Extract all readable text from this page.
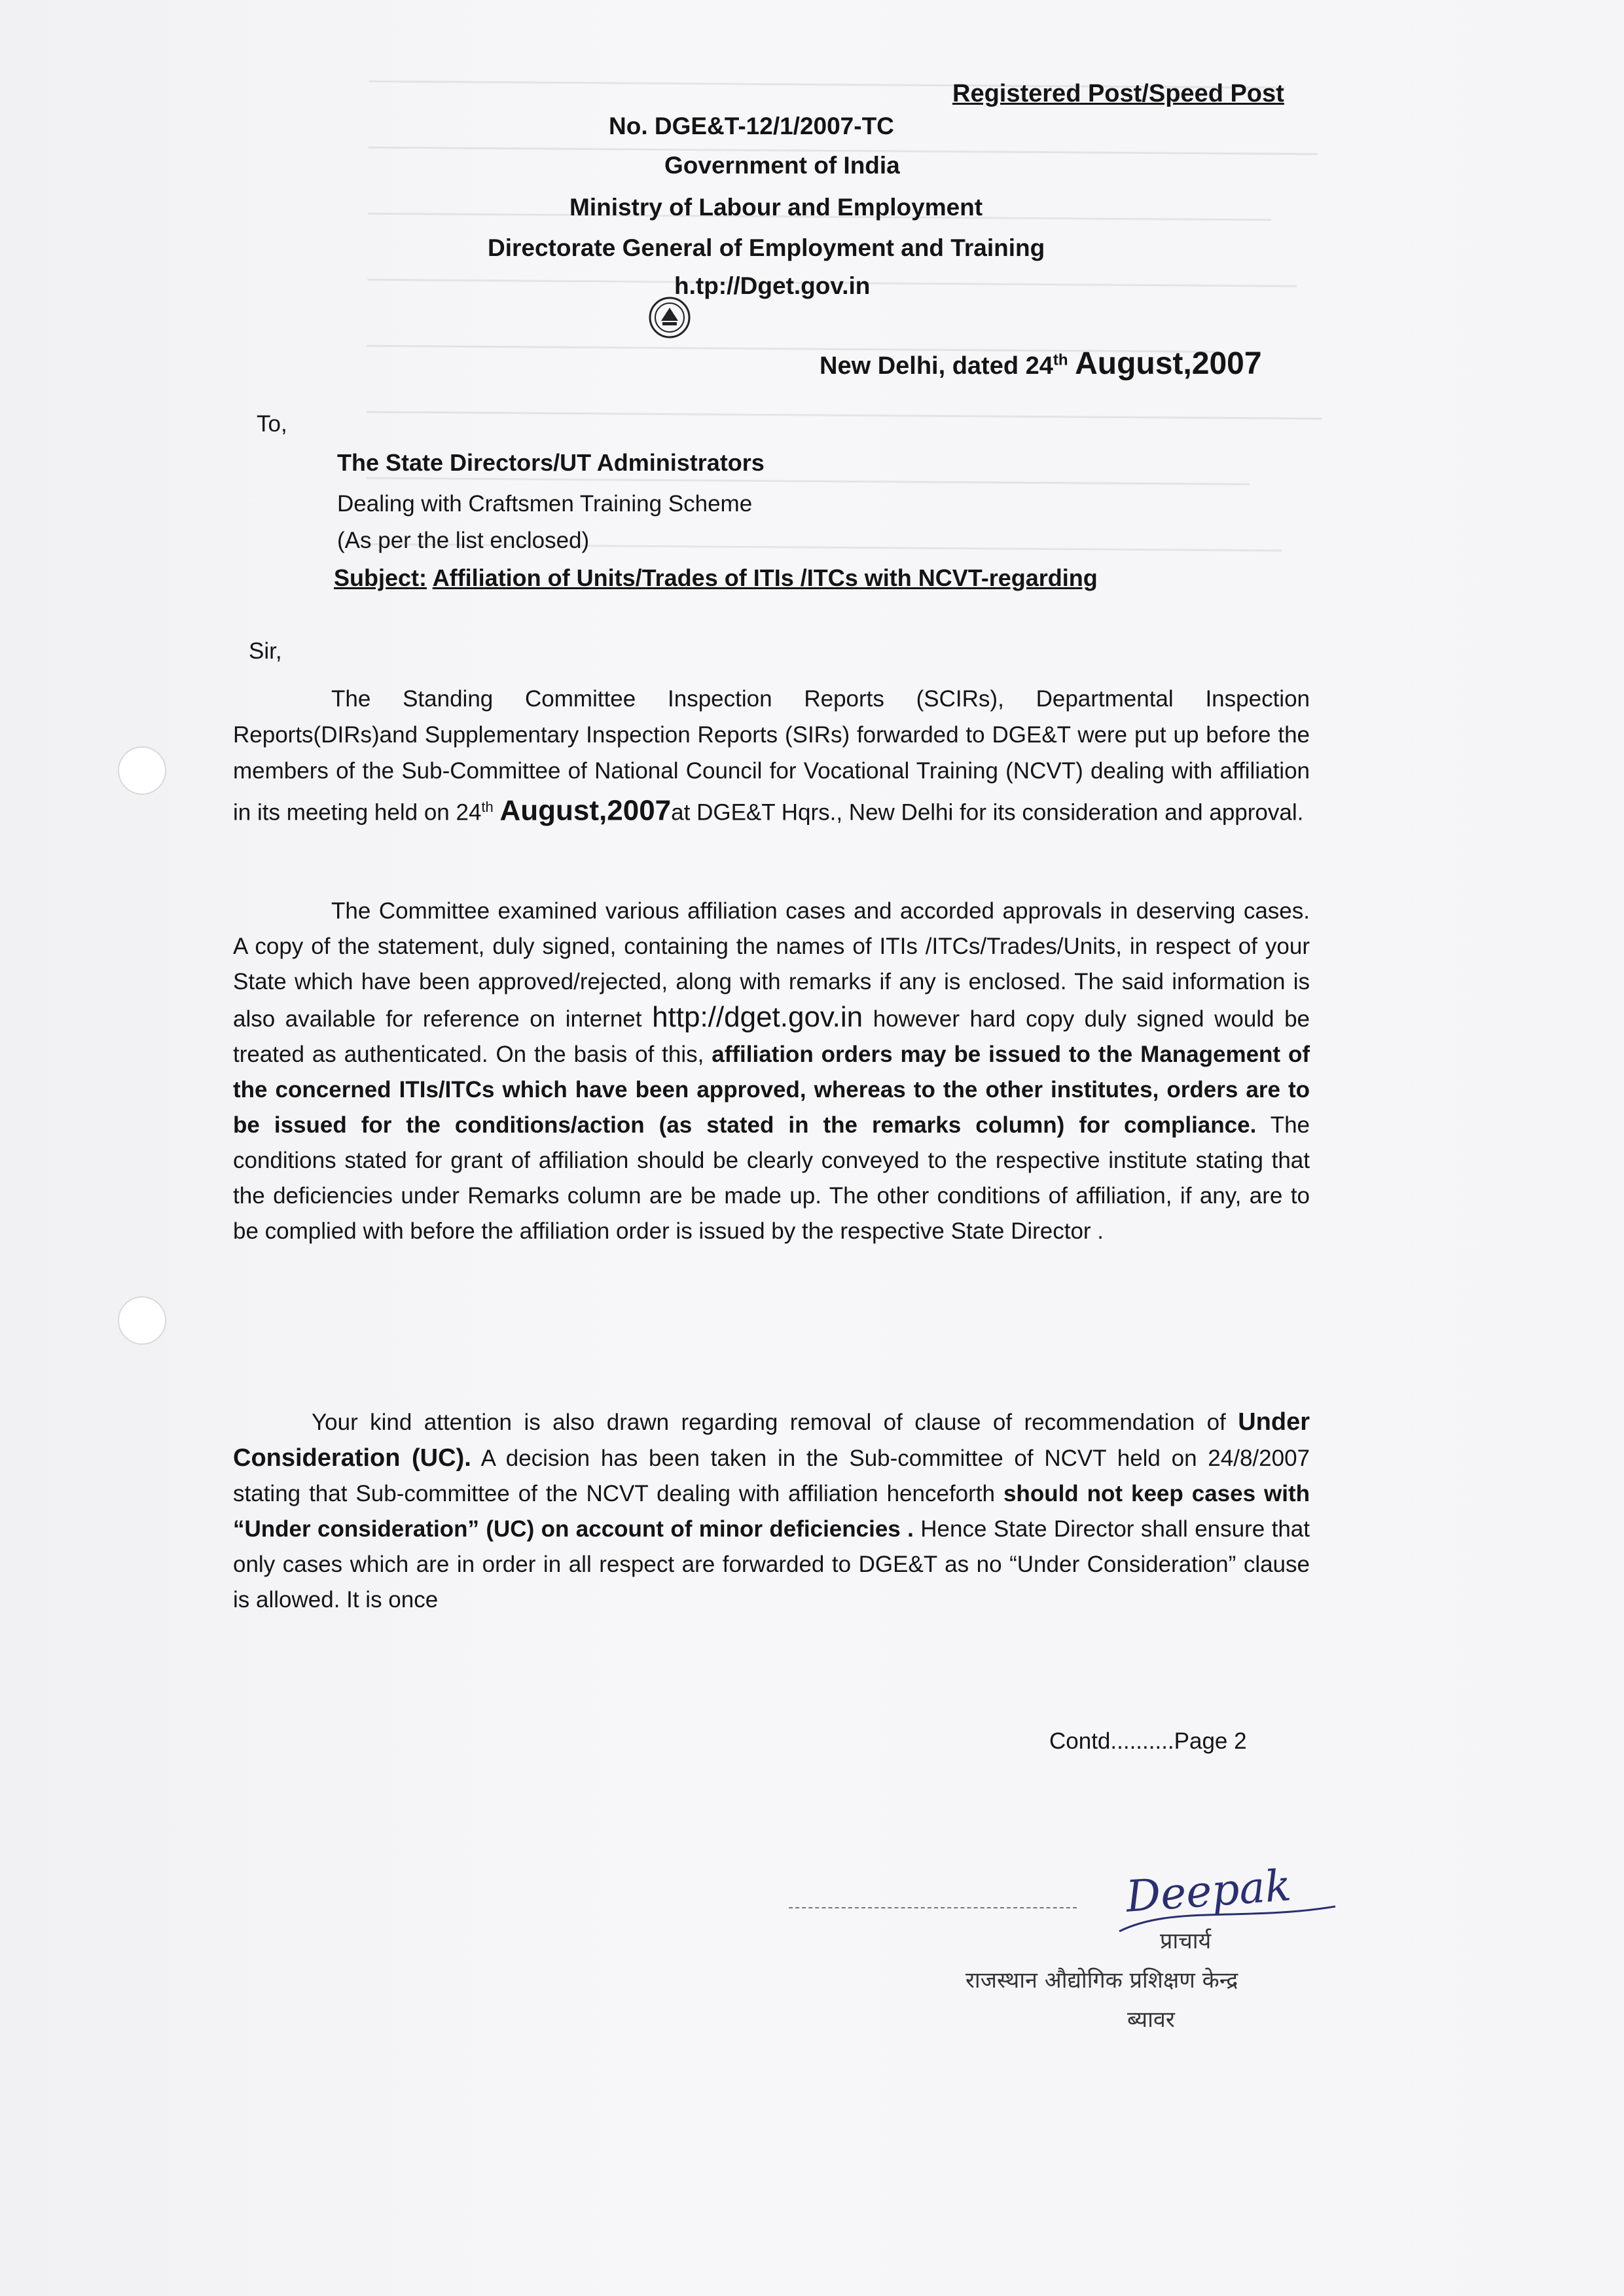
Registered Post/Speed Post
No. DGE&T-12/1/2007-TC
Government of India
Ministry of Labour and Employment
Directorate General of Employment and Training
h.tp://Dget.gov.in
New Delhi, dated 24th August,2007
To,
The State Directors/UT Administrators
Dealing with Craftsmen Training Scheme
(As per the list enclosed)
Subject: Affiliation of Units/Trades of ITIs /ITCs with NCVT-regarding
Sir,
The Standing Committee Inspection Reports (SCIRs), Departmental Inspection Reports(DIRs)and Supplementary Inspection Reports (SIRs) forwarded to DGE&T were put up before the members of the Sub-Committee of National Council for Vocational Training (NCVT) dealing with affiliation in its meeting held on 24th August,2007at DGE&T Hqrs., New Delhi for its consideration and approval.
The Committee examined various affiliation cases and accorded approvals in deserving cases. A copy of the statement, duly signed, containing the names of ITIs /ITCs/Trades/Units, in respect of your State which have been approved/rejected, along with remarks if any is enclosed. The said information is also available for reference on internet http://dget.gov.in however hard copy duly signed would be treated as authenticated. On the basis of this, affiliation orders may be issued to the Management of the concerned ITIs/ITCs which have been approved, whereas to the other institutes, orders are to be issued for the conditions/action (as stated in the remarks column) for compliance. The conditions stated for grant of affiliation should be clearly conveyed to the respective institute stating that the deficiencies under Remarks column are be made up. The other conditions of affiliation, if any, are to be complied with before the affiliation order is issued by the respective State Director .
Your kind attention is also drawn regarding removal of clause of recommendation of Under Consideration (UC). A decision has been taken in the Sub-committee of NCVT held on 24/8/2007 stating that Sub-committee of the NCVT dealing with affiliation henceforth should not keep cases with “Under consideration” (UC) on account of minor deficiencies . Hence State Director shall ensure that only cases which are in order in all respect are forwarded to DGE&T as no “Under Consideration” clause is allowed. It is once
Contd..........Page 2
Deepak
प्राचार्य
राजस्थान औद्योगिक प्रशिक्षण केन्द्र
ब्यावर
